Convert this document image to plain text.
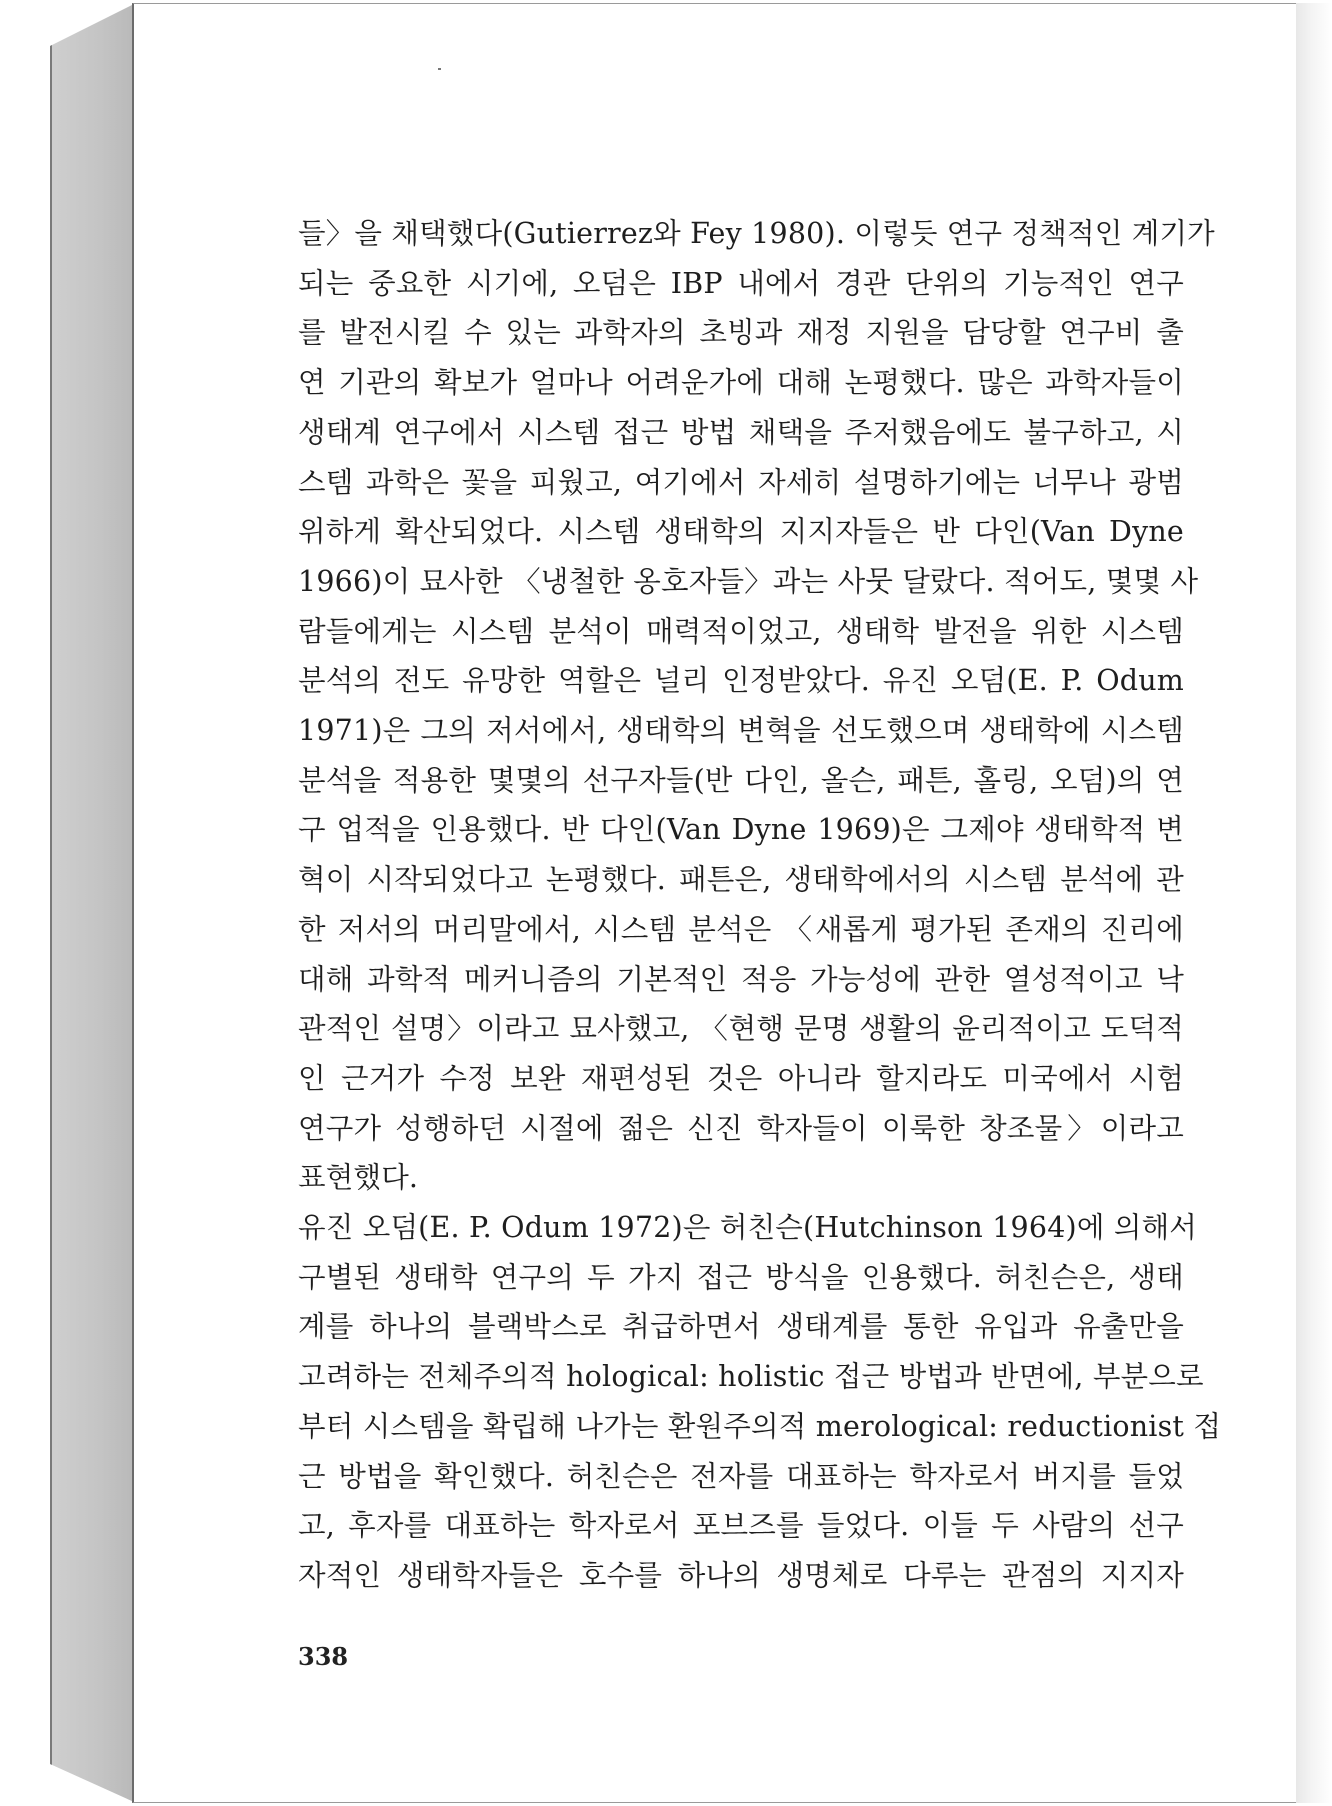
들〉을 채택했다(Gutierrez와 Fey 1980). 이렇듯 연구 정책적인 계기가
되는 중요한 시기에, 오덤은 IBP 내에서 경관 단위의 기능적인 연구
를 발전시킬 수 있는 과학자의 초빙과 재정 지원을 담당할 연구비 출
연 기관의 확보가 얼마나 어려운가에 대해 논평했다. 많은 과학자들이
생태계 연구에서 시스템 접근 방법 채택을 주저했음에도 불구하고, 시
스템 과학은 꽃을 피웠고, 여기에서 자세히 설명하기에는 너무나 광범
위하게 확산되었다. 시스템 생태학의 지지자들은 반 다인(Van Dyne
1966)이 묘사한 〈냉철한 옹호자들〉과는 사뭇 달랐다. 적어도, 몇몇 사
람들에게는 시스템 분석이 매력적이었고, 생태학 발전을 위한 시스템
분석의 전도 유망한 역할은 널리 인정받았다. 유진 오덤(E. P. Odum
1971)은 그의 저서에서, 생태학의 변혁을 선도했으며 생태학에 시스템
분석을 적용한 몇몇의 선구자들(반 다인, 올슨, 패튼, 홀링, 오덤)의 연
구 업적을 인용했다. 반 다인(Van Dyne 1969)은 그제야 생태학적 변
혁이 시작되었다고 논평했다. 패튼은, 생태학에서의 시스템 분석에 관
한 저서의 머리말에서, 시스템 분석은 〈새롭게 평가된 존재의 진리에
대해 과학적 메커니즘의 기본적인 적응 가능성에 관한 열성적이고 낙
관적인 설명〉이라고 묘사했고, 〈현행 문명 생활의 윤리적이고 도덕적
인 근거가 수정 보완 재편성된 것은 아니라 할지라도 미국에서 시험
연구가 성행하던 시절에 젊은 신진 학자들이 이룩한 창조물〉이라고
표현했다.
유진 오덤(E. P. Odum 1972)은 허친슨(Hutchinson 1964)에 의해서
구별된 생태학 연구의 두 가지 접근 방식을 인용했다. 허친슨은, 생태
계를 하나의 블랙박스로 취급하면서 생태계를 통한 유입과 유출만을
고려하는 전체주의적 hological: holistic 접근 방법과 반면에, 부분으로
부터 시스템을 확립해 나가는 환원주의적 merological: reductionist 접
근 방법을 확인했다. 허친슨은 전자를 대표하는 학자로서 버지를 들었
고, 후자를 대표하는 학자로서 포브즈를 들었다. 이들 두 사람의 선구
자적인 생태학자들은 호수를 하나의 생명체로 다루는 관점의 지지자
338
